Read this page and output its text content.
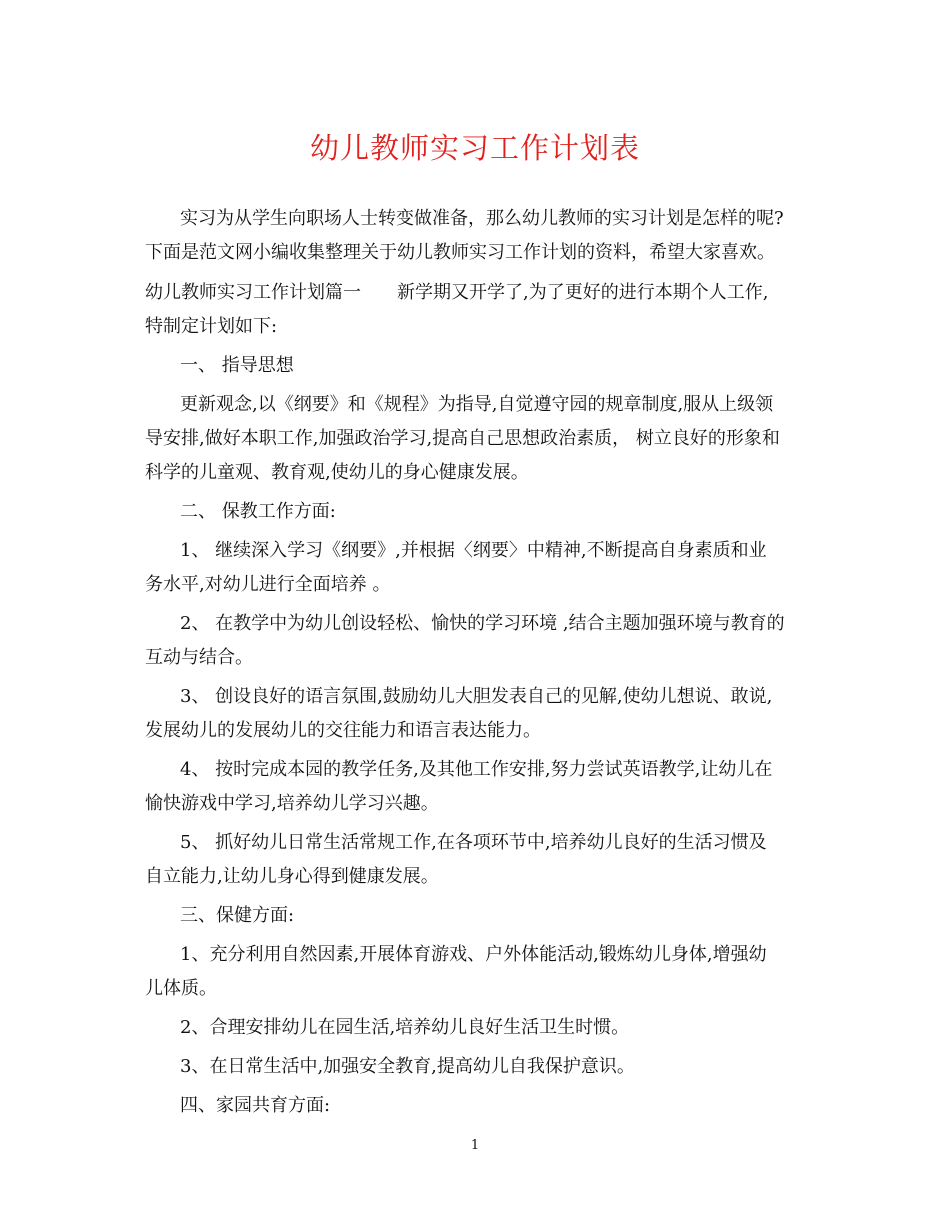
幼儿教师实习工作计划表
实习为从学生向职场人士转变做准备，那么幼儿教师的实习计划是怎样的呢?
下面是范文网小编收集整理关于幼儿教师实习工作计划的资料，希望大家喜欢。
幼儿教师实习工作计划篇一　　新学期又开学了,为了更好的进行本期个人工作,
特制定计划如下:
一、 指导思想
更新观念,以《纲要》和《规程》为指导,自觉遵守园的规章制度,服从上级领
导安排,做好本职工作,加强政治学习,提高自己思想政治素质， 树立良好的形象和
科学的儿童观、教育观,使幼儿的身心健康发展。
二、 保教工作方面:
1、 继续深入学习《纲要》,并根据〈纲要〉中精神,不断提高自身素质和业
务水平,对幼儿进行全面培养 。
2、 在教学中为幼儿创设轻松、愉快的学习环境 ,结合主题加强环境与教育的
互动与结合。
3、 创设良好的语言氛围,鼓励幼儿大胆发表自己的见解,使幼儿想说、敢说,
发展幼儿的发展幼儿的交往能力和语言表达能力。
4、 按时完成本园的教学任务,及其他工作安排,努力尝试英语教学,让幼儿在
愉快游戏中学习,培养幼儿学习兴趣。
5、 抓好幼儿日常生活常规工作,在各项环节中,培养幼儿良好的生活习惯及
自立能力,让幼儿身心得到健康发展。
三、保健方面:
1、充分利用自然因素,开展体育游戏、户外体能活动,锻炼幼儿身体,增强幼
儿体质。
2、合理安排幼儿在园生活,培养幼儿良好生活卫生时惯。
3、在日常生活中,加强安全教育,提高幼儿自我保护意识。
四、家园共育方面:
1
